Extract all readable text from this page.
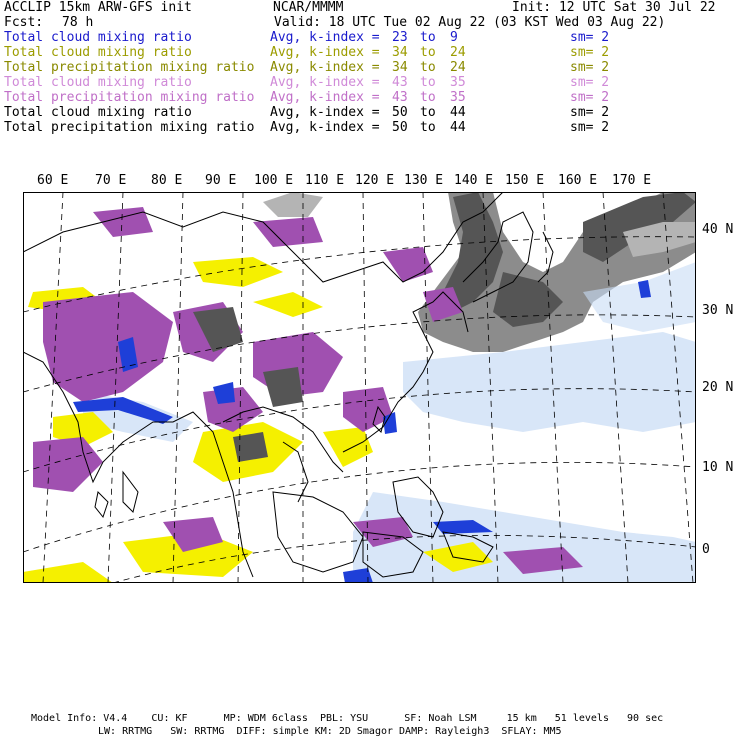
ACCLIP 15km ARW-GFS init	NCAR/MMMM	Init: 12 UTC Sat 30 Jul 22
Fcst: 78 h	Valid: 18 UTC Tue 02 Aug 22 (03 KST Wed 03 Aug 22)
Total cloud mixing ratio	Avg, k-index = 23 to 9	sm= 2
Total cloud mixing ratio	Avg, k-index = 34 to 24	sm= 2
Total precipitation mixing ratio Avg, k-index = 34 to 24	sm= 2
Total cloud mixing ratio	Avg, k-index = 43 to 35	sm= 2
Total precipitation mixing ratio Avg, k-index = 43 to 35	sm= 2
Total cloud mixing ratio	Avg, k-index = 50 to 44	sm= 2
Total precipitation mixing ratio Avg, k-index = 50 to 44	sm= 2
60 E 70 E 80 E 90 E 100 E 110 E 120 E 130 E 140 E 150 E 160 E 170 E
40 N
30 N
20 N
10 N
0
Model Info: V4.4    CU: KF      MP: WDM 6class  PBL: YSU      SF: Noah LSM     15 km   51 levels   90 sec
LW: RRTMG   SW: RRTMG  DIFF: simple KM: 2D Smagor DAMP: Rayleigh3  SFLAY: MM5
